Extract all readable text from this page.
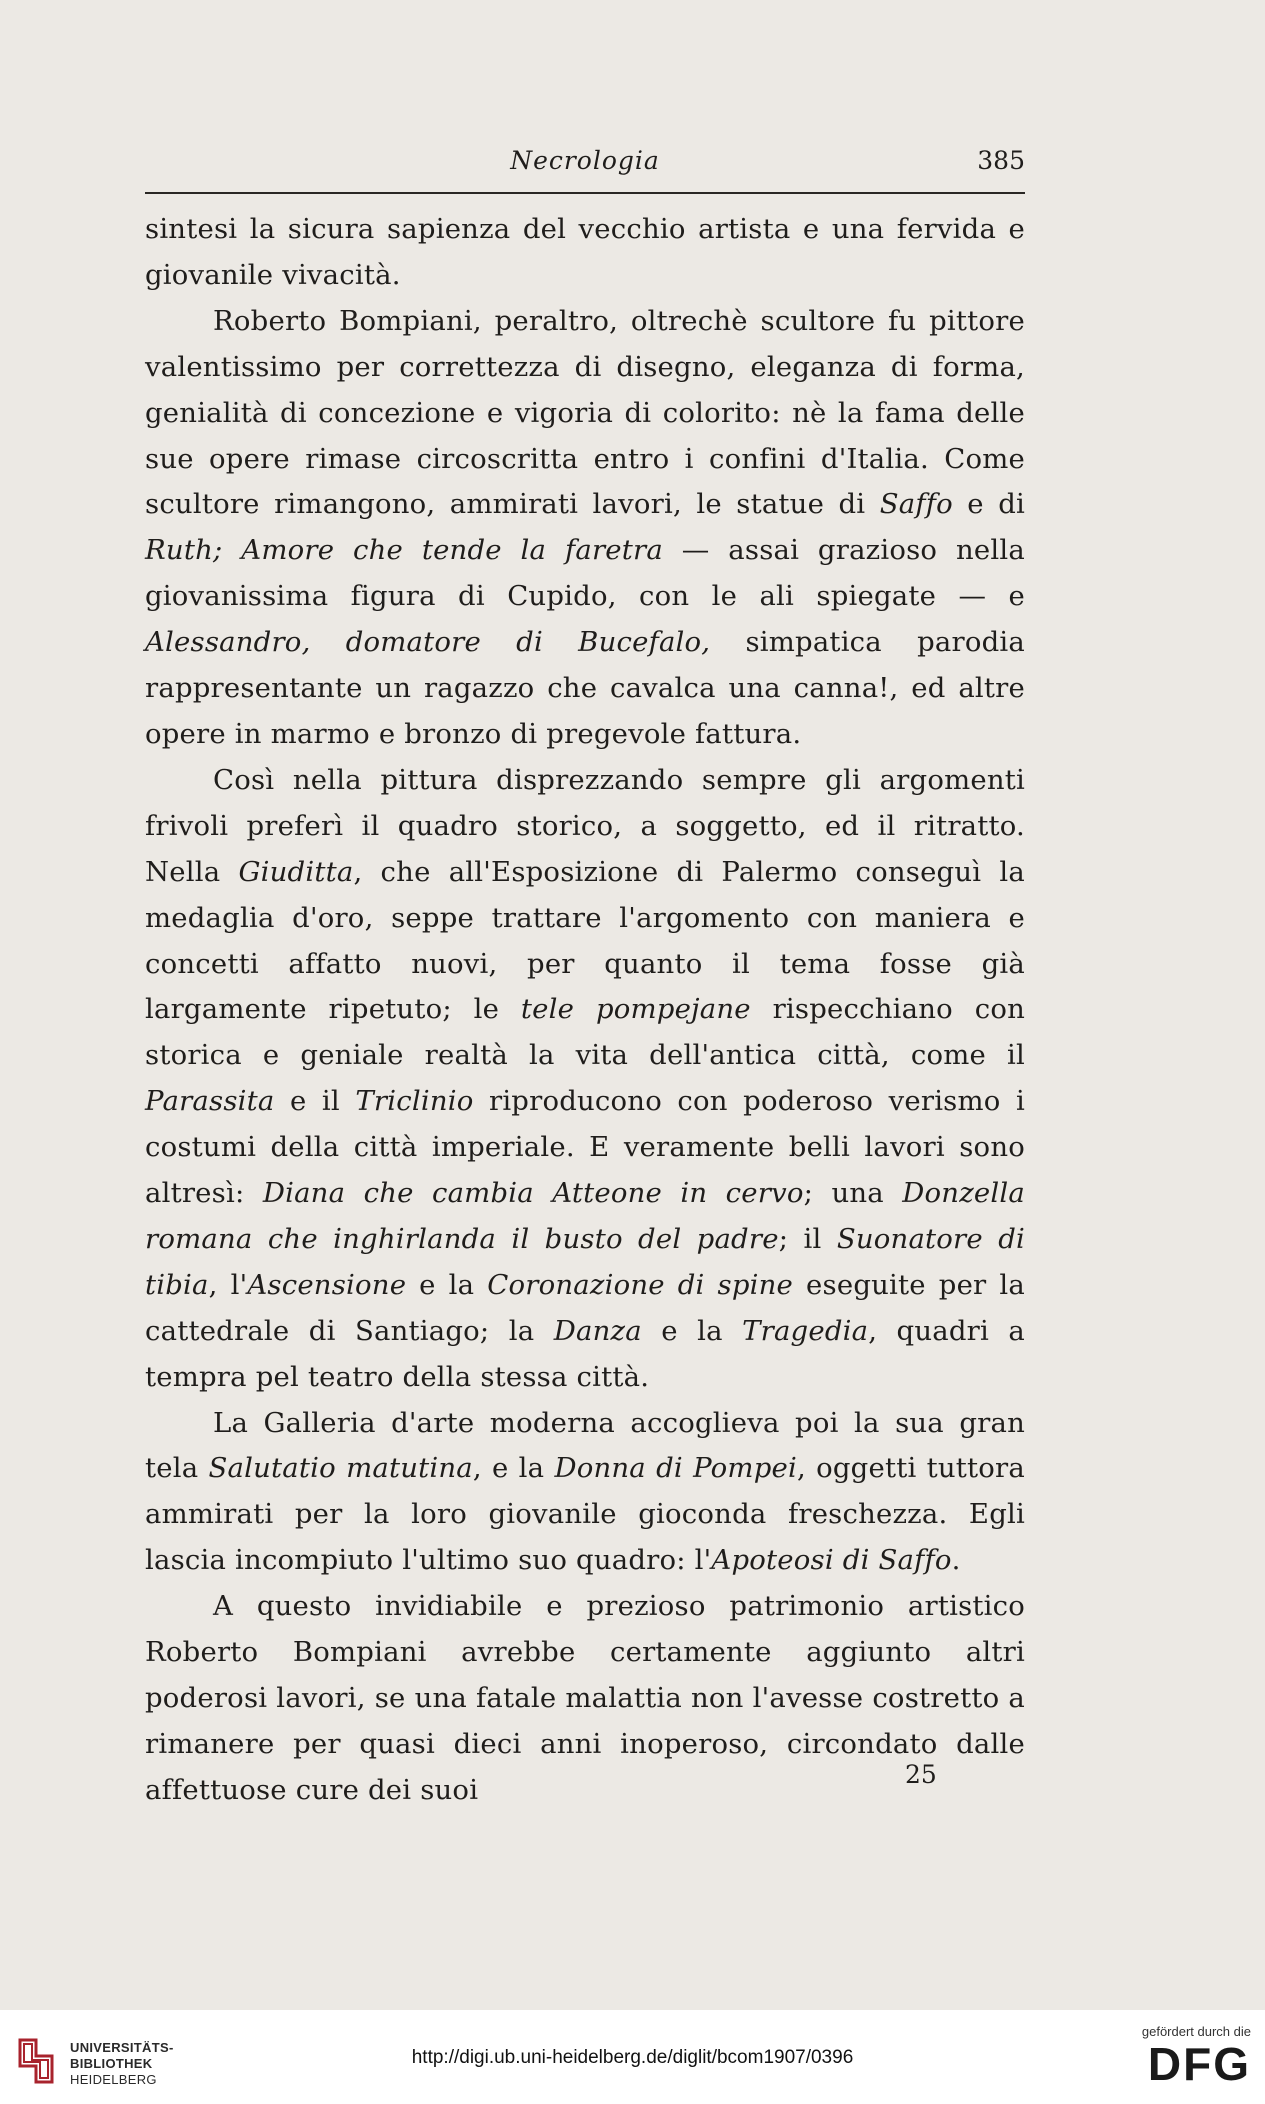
Necrologia	385

sintesi la sicura sapienza del vecchio artista e una fervida e giovanile vivacità.

Roberto Bompiani, peraltro, oltrechè scultore fu pittore valentissimo per correttezza di disegno, eleganza di forma, genialità di concezione e vigoria di colorito: nè la fama delle sue opere rimase circoscritta entro i confini d'Italia. Come scultore rimangono, ammirati lavori, le statue di Saffo e di Ruth; Amore che tende la faretra — assai grazioso nella giovanissima figura di Cupido, con le ali spiegate — e Alessandro, domatore di Bucefalo, simpatica parodia rappresentante un ragazzo che cavalca una canna!, ed altre opere in marmo e bronzo di pregevole fattura.

Così nella pittura disprezzando sempre gli argomenti frivoli preferì il quadro storico, a soggetto, ed il ritratto. Nella Giuditta, che all'Esposizione di Palermo conseguì la medaglia d'oro, seppe trattare l'argomento con maniera e concetti affatto nuovi, per quanto il tema fosse già largamente ripetuto; le tele pompejane rispecchiano con storica e geniale realtà la vita dell'antica città, come il Parassita e il Triclinio riproducono con poderoso verismo i costumi della città imperiale. E veramente belli lavori sono altresì: Diana che cambia Atteone in cervo; una Donzella romana che inghirlanda il busto del padre; il Suonatore di tibia, l'Ascensione e la Coronazione di spine eseguite per la cattedrale di Santiago; la Danza e la Tragedia, quadri a tempra pel teatro della stessa città.

La Galleria d'arte moderna accoglieva poi la sua gran tela Salutatio matutina, e la Donna di Pompei, oggetti tuttora ammirati per la loro giovanile gioconda freschezza. Egli lascia incompiuto l'ultimo suo quadro: l'Apoteosi di Saffo.

A questo invidiabile e prezioso patrimonio artistico Roberto Bompiani avrebbe certamente aggiunto altri poderosi lavori, se una fatale malattia non l'avesse costretto a rimanere per quasi dieci anni inoperoso, circondato dalle affettuose cure dei suoi	25
UNIVERSITÄTS-
BIBLIOTHEK
HEIDELBERG
http://digi.ub.uni-heidelberg.de/diglit/bcom1907/0396
gefördert durch die
DFG
